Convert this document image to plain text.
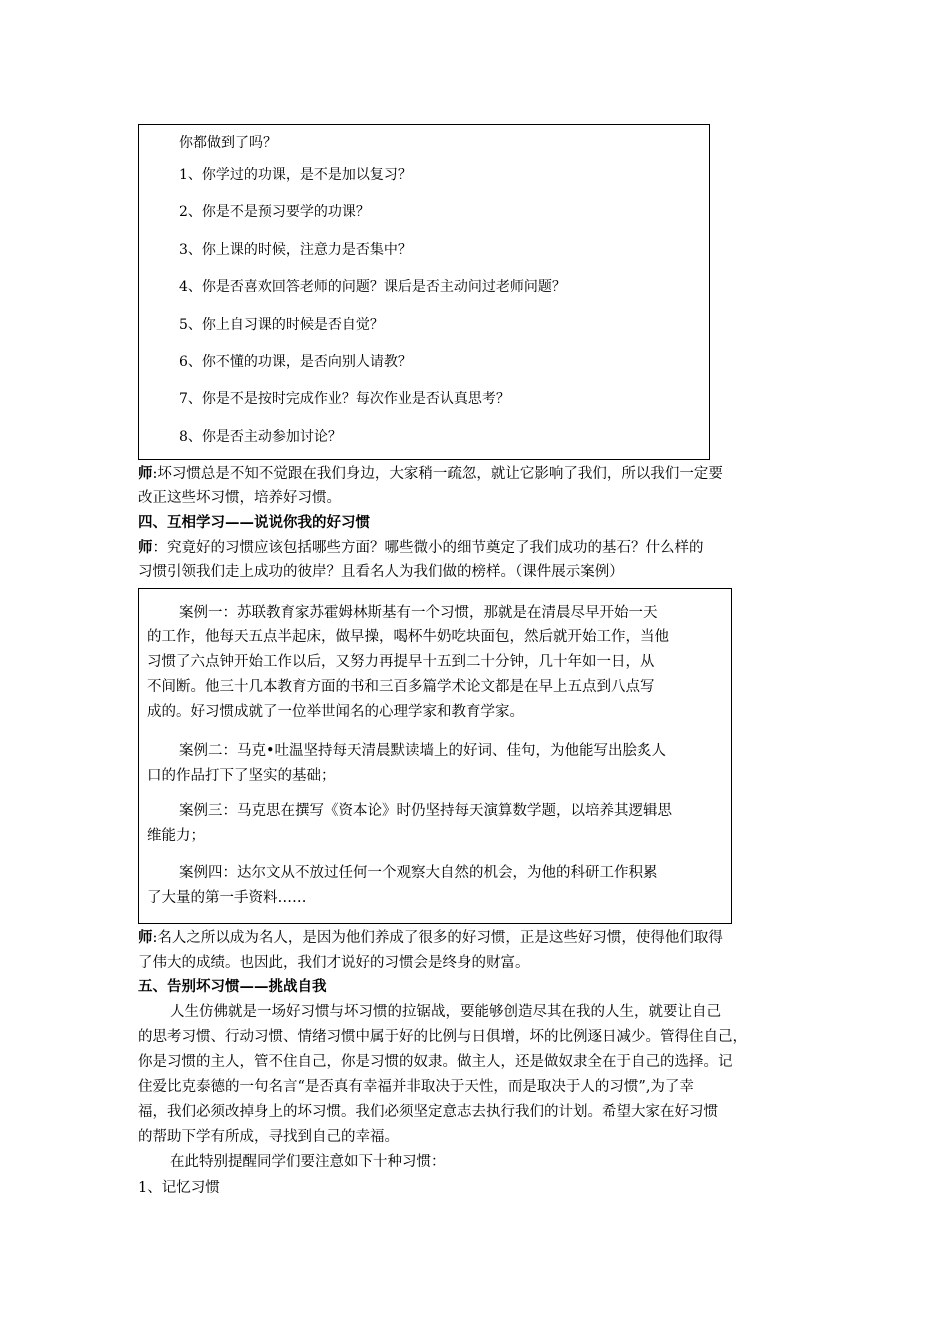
你都做到了吗？
1、你学过的功课，是不是加以复习？
2、你是不是预习要学的功课？
3、你上课的时候，注意力是否集中？
4、你是否喜欢回答老师的问题？课后是否主动问过老师问题？
5、你上自习课的时候是否自觉？
6、你不懂的功课，是否向别人请教？
7、你是不是按时完成作业？每次作业是否认真思考？
8、你是否主动参加讨论？
师:坏习惯总是不知不觉跟在我们身边，大家稍一疏忽，就让它影响了我们，所以我们一定要
改正这些坏习惯，培养好习惯。
四、互相学习——说说你我的好习惯
师：究竟好的习惯应该包括哪些方面？哪些微小的细节奠定了我们成功的基石？什么样的
习惯引领我们走上成功的彼岸？且看名人为我们做的榜样。（课件展示案例）
案例一：苏联教育家苏霍姆林斯基有一个习惯，那就是在清晨尽早开始一天
的工作，他每天五点半起床，做早操，喝杯牛奶吃块面包，然后就开始工作，当他
习惯了六点钟开始工作以后，又努力再提早十五到二十分钟，几十年如一日，从
不间断。他三十几本教育方面的书和三百多篇学术论文都是在早上五点到八点写
成的。好习惯成就了一位举世闻名的心理学家和教育学家。
案例二：马克•吐温坚持每天清晨默读墙上的好词、佳句，为他能写出脍炙人
口的作品打下了坚实的基础；
案例三：马克思在撰写《资本论》时仍坚持每天演算数学题，以培养其逻辑思
维能力；
案例四：达尔文从不放过任何一个观察大自然的机会，为他的科研工作积累
了大量的第一手资料……
师:名人之所以成为名人，是因为他们养成了很多的好习惯，正是这些好习惯，使得他们取得
了伟大的成绩。也因此，我们才说好的习惯会是终身的财富。
五、告别坏习惯——挑战自我
人生仿佛就是一场好习惯与坏习惯的拉锯战，要能够创造尽其在我的人生，就要让自己
的思考习惯、行动习惯、情绪习惯中属于好的比例与日俱增，坏的比例逐日减少。管得住自己，
你是习惯的主人，管不住自己，你是习惯的奴隶。做主人，还是做奴隶全在于自己的选择。记
住爱比克泰德的一句名言“是否真有幸福并非取决于天性，而是取决于人的习惯”,为了幸
福，我们必须改掉身上的坏习惯。我们必须坚定意志去执行我们的计划。希望大家在好习惯
的帮助下学有所成，寻找到自己的幸福。
在此特别提醒同学们要注意如下十种习惯：
1、记忆习惯
